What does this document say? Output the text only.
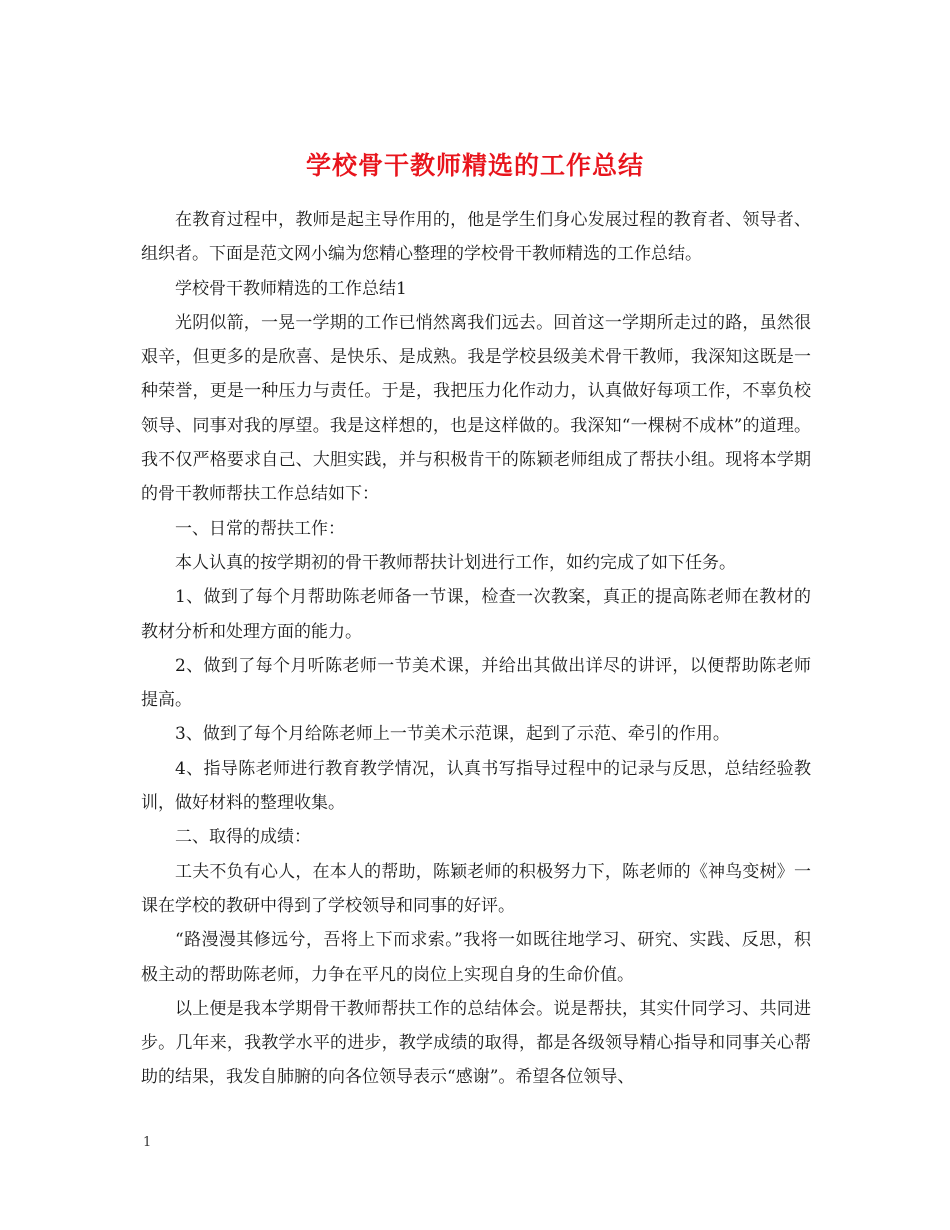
学校骨干教师精选的工作总结

在教育过程中，教师是起主导作用的，他是学生们身心发展过程的教育者、领导者、组织者。下面是范文网小编为您精心整理的学校骨干教师精选的工作总结。

学校骨干教师精选的工作总结1

光阴似箭，一晃一学期的工作已悄然离我们远去。回首这一学期所走过的路，虽然很艰辛，但更多的是欣喜、是快乐、是成熟。我是学校县级美术骨干教师，我深知这既是一种荣誉，更是一种压力与责任。于是，我把压力化作动力，认真做好每项工作，不辜负校领导、同事对我的厚望。我是这样想的，也是这样做的。我深知“一棵树不成林”的道理。我不仅严格要求自己、大胆实践，并与积极肯干的陈颖老师组成了帮扶小组。现将本学期的骨干教师帮扶工作总结如下：

一、日常的帮扶工作：

本人认真的按学期初的骨干教师帮扶计划进行工作，如约完成了如下任务。

1、做到了每个月帮助陈老师备一节课，检查一次教案，真正的提高陈老师在教材的教材分析和处理方面的能力。

2、做到了每个月听陈老师一节美术课，并给出其做出详尽的讲评，以便帮助陈老师提高。

3、做到了每个月给陈老师上一节美术示范课，起到了示范、牵引的作用。

4、指导陈老师进行教育教学情况，认真书写指导过程中的记录与反思，总结经验教训，做好材料的整理收集。

二、取得的成绩：

工夫不负有心人，在本人的帮助，陈颖老师的积极努力下，陈老师的《神鸟变树》一课在学校的教研中得到了学校领导和同事的好评。

“路漫漫其修远兮，吾将上下而求索。”我将一如既往地学习、研究、实践、反思，积极主动的帮助陈老师，力争在平凡的岗位上实现自身的生命价值。

以上便是我本学期骨干教师帮扶工作的总结体会。说是帮扶，其实什同学习、共同进步。几年来，我教学水平的进步，教学成绩的取得，都是各级领导精心指导和同事关心帮助的结果，我发自肺腑的向各位领导表示“感谢”。希望各位领导、

1
